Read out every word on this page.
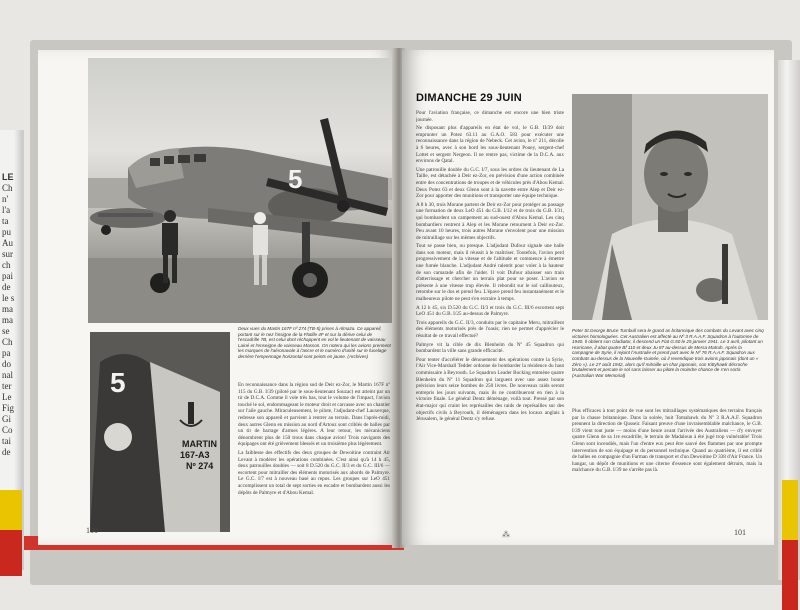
LE
Ch
n'
l'a
ta
pu
Au
sur
ch
pai
de
le s
ma
ma
se
Ch
pa
do
nal
ter
Le
Fig
Gi
Co
tai
de
5
Deux vues du Martin 167F nº 274 (TB-5) prises à Almaza. Ce appareil, portant sur le nez l'insigne de la Flotille 4F et sur la dérive celui de l'escadrille 7B, est celui dont réchappent en vol le lieutenant de vaisseau Lainé et l'enseigne de vaisseau Masson. On notera qui les avions prennent les marques de l'aéronavale à l'ancre et le numéro d'unité sur le fuselage derrière l'empennage horizontal sont peints en jaune. (Archives)
5
MARTIN
167-A3
Nº 274

En reconnaissance dans la région sud de Deir ez-Zor, le Martin 167F nº 115 du G.B. I/39 (piloté par le sous-lieutenant Souzac) est atteint par un tir de D.C.A. Comme il vole très bas, tout le volume de l'impact, l'avion touché le sol, endommageant le moteur droit et carcasse avec un chantier sur l'aile gauche. Miraculeusement, le pilote, l'adjudant-chef Lauxerque, redresse son appareil et parvient à rentrer au terrain. Dans l'après-midi, deux autres Glenn en mission au nord d'Artouz sont criblés de balles par un tir de barrage d'armes légères. A leur retour, les mécaniciens dénombrent plus de 150 trous dans chaque avion! Trois navigants des équipages ont été grièvement blessés et un troisième plus légèrement.

La faiblesse des effectifs des deux groupes de Dewoitine contraint Air Levant à modérer les opérations combinées. C'est ainsi qu'à 14 h 45, deux patrouilles doubles — soit 8 D.520 du G.C. II/3 et du G.C. III/6 — escortent pour mitrailler des éléments motorisés aux abords de Palmyre. Le G.C. I/7 est à nouveau basé au repos. Les groupes sur LeO 451 accomplissent un total de sept sorties en escadre et bombardent aussi les dépôts de Palmyre et d'Abou Kemal.

100
DIMANCHE 29 JUIN
Peter St.George Bruce Turnbull sera le grand as britannique des combats du Levant avec cinq victoires homologuées. Cet Australien est affecté au Nº 3 R.A.A.F. Squadron à l'automne de 1940. Il obtient son Gladiator, il descend un Fiat G.50 le 25 janvier 1941. Le 3 avril, pilotant un Hurricane, il abat quatre Bf 110 et deux Ju 87 au-dessus de Mersa Matruh. Après la campagne de Syrie, il rejoint l'Australie et prend part avec le Nº 76 R.A.A.F. Squadron aux combats au-dessus de la Nouvelle-Guinée, où il revendique trois avions japonais (dont un « Zéro »). Le 27 août 1942, alors qu'il mitraille un char japonais, son Kittyhawk décroche brutalement et percute le sol sans laisser au pilote la moindre chance de s'en sortir. (Australian War Memorial)

Pour l'aviation française, ce dimanche est encore une bien triste journée.

Ne disposant plus d'appareils en état de vol, le G.B. II/39 doit emprunter un Potez 63.11 au G.A.O. 583 pour exécuter une reconnaissance dans la région de Nebeck. Cet avion, le nº 211, décolle à 6 heures, avec à son bord les sous-lieutenant Pouey, sergent-chef Lottet et sergent Nergeon. Il ne rentre pas, victime de la D.C.A. aux environs de Qatal.

Une patrouille double du G.C. I/7, sous les ordres du lieutenant de La Taille, est détachée à Deir ez-Zor, en prévision d'une action combinée entre des concentrations de troupes et de véhicules près d'Abou Kemal. Deux Potez 63 et deux Glenn sont à la navette entre Alep et Deir ez-Zor pour apporter des munitions et transporter une équipe technique.

A 8 h 30, trois Morane partent de Deir ez-Zor pour protéger au passage une formation de deux LeO 451 du G.B. I/12 et de trois du G.B. I/31, qui bombardent un campement au sud-ouest d'Abou Kemal. Les cinq bombardiers rentrent à Alep et les Morane retournent à Deir ez-Zor. Peu avant 10 heures, trois autres Morane s'envolent pour une mission de mitraillage sur les mêmes objectifs.

Tout se passe bien, ou presque. L'adjudant Dufour signale une balle dans son moteur, mais il réussit à le maîtriser. Toutefois, l'avion perd progressivement de la vitesse et de l'altitude et commence à émettre une fumée blanche. L'adjudant André ralentit pour voler à la hauteur de son camarade afin de l'aider. Il voit Dufour abaisser son train d'atterrissage et chercher un terrain plat pour se poser. L'avion se présente à une vitesse trop élevée. Il rebondit sur le sol caillouteux, retombe sur le dos et prend feu. L'épave prend feu instantanément et le malheureux pilote ne peut s'en extraire à temps.

A 12 h 45, six D.520 du G.C. II/3 et trois du G.C. III/6 escortent sept LeO 451 du G.B. I/25 au-dessus de Palmyre.

Trois appareils du G.C. II/3, conduits par le capitaine Meru, mitraillent des éléments motorisés près de l'oasis; rien ne permet d'apprécier le résultat de ce travail effectué?

Palmyre vit la cible de dix Blenheim du Nº 45 Squadron qui bombardent la ville sans grande efficacité.

Pour tenter d'accélérer le dénouement des opérations contre la Syrie, l'Air Vice-Marshall Tedder ordonne de bombarder la résidence du haut commissaire à Beyrouth. Le Squadron Leader Bocking emmène quatre Blenheim du Nº 11 Squadron qui larguent avec une assez bonne précision leurs seize bombes de 250 livres. De nouveaux raids seront entrepris les jours suivants, mais ils ne contribueront en rien à la victoire finale. Le général Dentz déménage, voilà tout. Pressé par son état-major qui craint les représailles des raids de représailles sur des objectifs civils à Beyrouth, il déménagera dans les locaux anglais à Jérusalem, le général Dentz s'y refuse.

Plus efficaces à tout point de vue sont les mitraillages systématiques des terrains français par la chasse britannique. Dans la soirée, huit Tomahawk du Nº 3 R.A.A.F. Squadron prennent la direction de Qusseir. Faisant preuve d'une invraisemblable malchance, le G.B. I/39 vient tout juste — moins d'une heure avant l'arrivée des Australiens — d'y envoyer quatre Glenn de sa 1re escadrille, le terrain de Madaloun à été jugé trop vulnérable! Trois Glenn sont incendiés, mais l'un d'entre eux peut être sauvé des flammes par une prompte intervention de son équipage et du personnel technique. Quand au quatrième, il est criblé de balles en compagnie d'un Farman de transport et d'un Dewoitine D 338 d'Air France. Un hangar, un dépôt de munitions et une citerne d'essence sont également détruits, mais la malchance du G.B. I/39 ne s'arrête pas là.

⁂	101
